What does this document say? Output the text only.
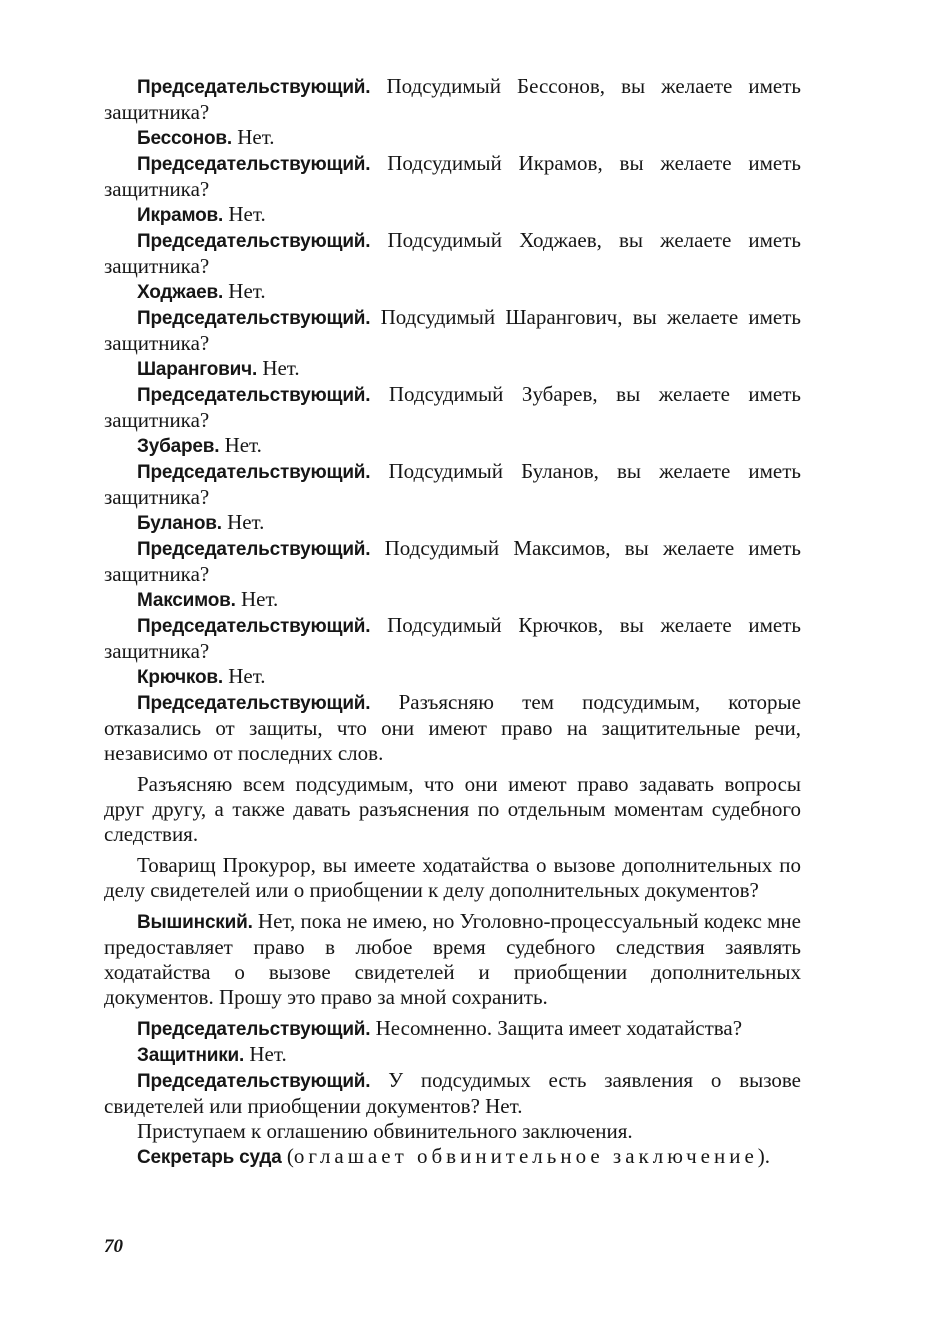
Председательствующий. Подсудимый Бессонов, вы желаете иметь защитника?

Бессонов. Нет.

Председательствующий. Подсудимый Икрамов, вы желаете иметь защитника?

Икрамов. Нет.

Председательствующий. Подсудимый Ходжаев, вы желаете иметь защитника?

Ходжаев. Нет.

Председательствующий. Подсудимый Шарангович, вы желаете иметь защитника?

Шарангович. Нет.

Председательствующий. Подсудимый Зубарев, вы желаете иметь защитника?

Зубарев. Нет.

Председательствующий. Подсудимый Буланов, вы желаете иметь защитника?

Буланов. Нет.

Председательствующий. Подсудимый Максимов, вы желаете иметь защитника?

Максимов. Нет.

Председательствующий. Подсудимый Крючков, вы желаете иметь защитника?

Крючков. Нет.

Председательствующий. Разъясняю тем подсудимым, которые отказались от защиты, что они имеют право на защитительные речи, независимо от последних слов.

Разъясняю всем подсудимым, что они имеют право задавать вопросы друг другу, а также давать разъяснения по отдельным моментам судебного следствия.

Товарищ Прокурор, вы имеете ходатайства о вызове дополнительных по делу свидетелей или о приобщении к делу дополнительных документов?

Вышинский. Нет, пока не имею, но Уголовно-процессуальный кодекс мне предоставляет право в любое время судебного следствия заявлять ходатайства о вызове свидетелей и приобщении дополнительных документов. Прошу это право за мной сохранить.

Председательствующий. Несомненно. Защита имеет ходатайства?

Защитники. Нет.

Председательствующий. У подсудимых есть заявления о вызове свидетелей или приобщении документов? Нет.

Приступаем к оглашению обвинительного заключения.

Секретарь суда (оглашает обвинительное заключение).

70
